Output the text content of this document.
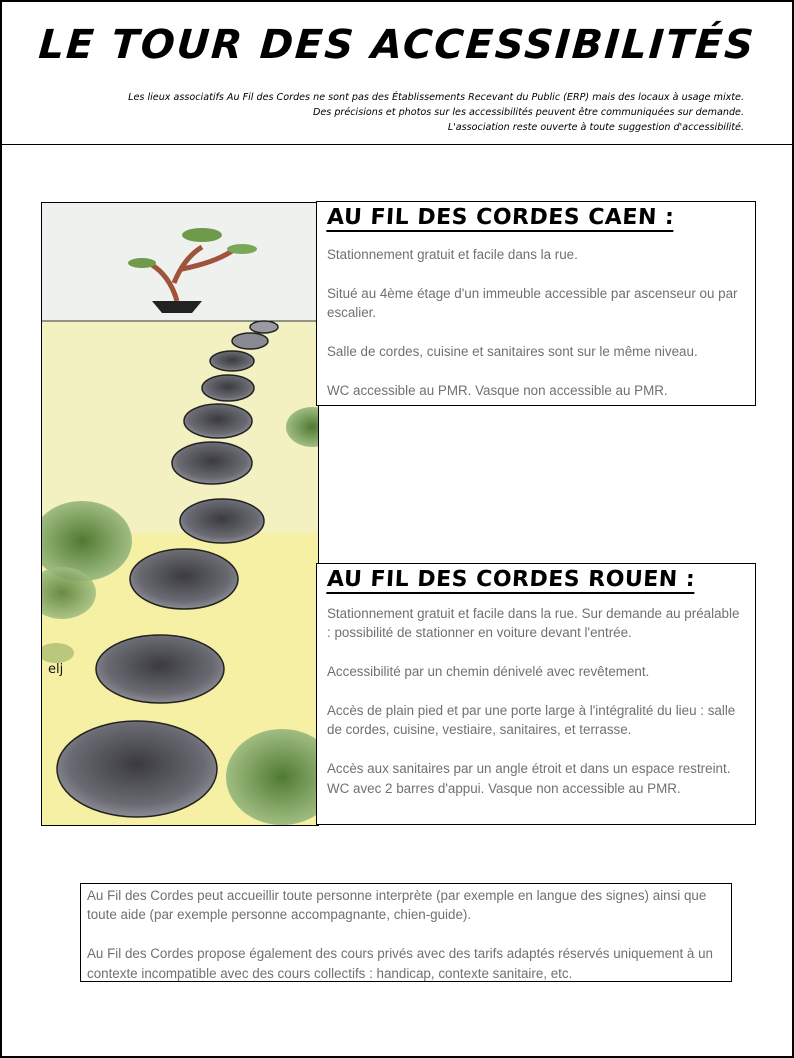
LE TOUR DES ACCESSIBILITÉS
Les lieux associatifs Au Fil des Cordes ne sont pas des Établissements Recevant du Public (ERP) mais des locaux à usage mixte.
Des précisions et photos sur les accessibilités peuvent être communiquées sur demande.
L'association reste ouverte à toute suggestion d'accessibilité.
elj
AU FIL DES CORDES CAEN :

Stationnement gratuit et facile dans la rue.

Situé au 4ème étage d'un immeuble accessible par ascenseur ou par escalier.

Salle de cordes, cuisine et sanitaires sont sur le même niveau.

WC accessible au PMR. Vasque non accessible au PMR.

AU FIL DES CORDES ROUEN :

Stationnement gratuit et facile dans la rue. Sur demande au préalable : possibilité de stationner en voiture devant l'entrée.

Accessibilité par un chemin dénivelé avec revêtement.

Accès de plain pied et par une porte large à l'intégralité du lieu : salle de cordes, cuisine, vestiaire, sanitaires, et terrasse.

Accès aux sanitaires par un angle étroit et dans un espace restreint. WC avec 2 barres d'appui. Vasque non accessible au PMR.

Au Fil des Cordes peut accueillir toute personne interprète (par exemple en langue des signes) ainsi que toute aide (par exemple personne accompagnante, chien-guide).

Au Fil des Cordes propose également des cours privés avec des tarifs adaptés réservés uniquement à un contexte incompatible avec des cours collectifs : handicap, contexte sanitaire, etc.
